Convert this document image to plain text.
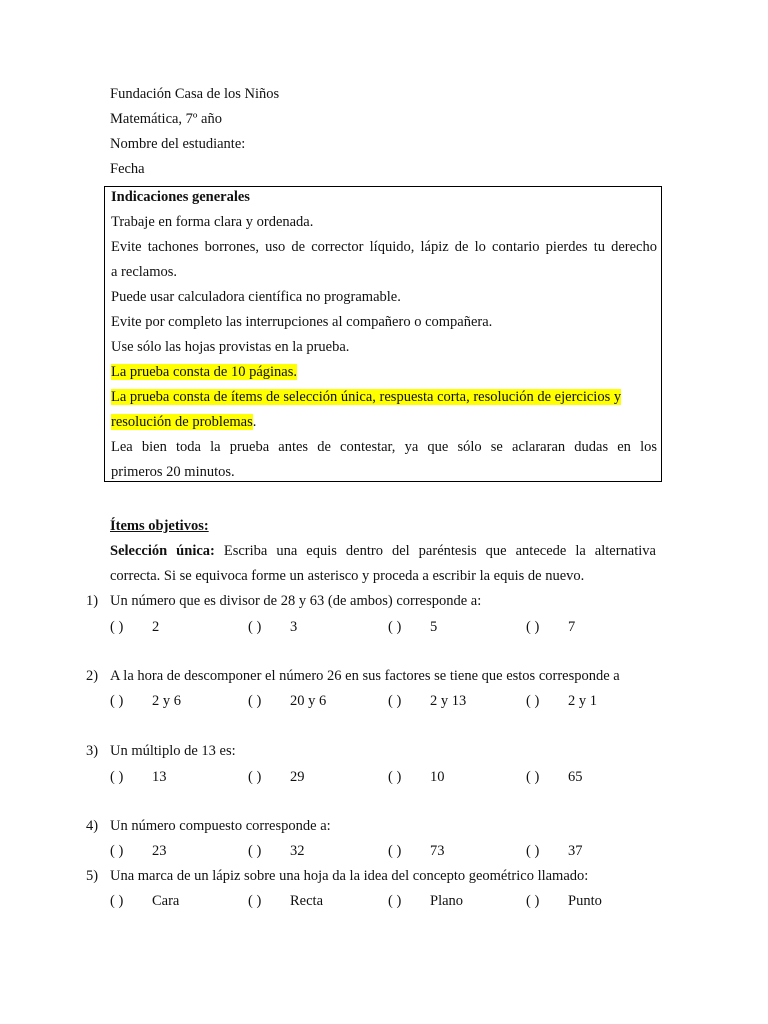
Fundación Casa de los Niños
Matemática, 7º año
Nombre del estudiante:
Fecha
Indicaciones generales
Trabaje en forma clara y ordenada.
Evite tachones borrones, uso de corrector líquido, lápiz de lo contario pierdes tu derecho
a reclamos.
Puede usar calculadora científica no programable.
Evite por completo las interrupciones al compañero o compañera.
Use sólo las hojas provistas en la prueba.
La prueba consta de 10 páginas.
La prueba consta de ítems de selección única, respuesta corta, resolución de ejercicios y
resolución de problemas.
Lea bien toda la prueba antes de contestar, ya que sólo se aclararan dudas en los
primeros 20 minutos.
Ítems objetivos:
Selección única: Escriba una equis dentro del paréntesis que antecede la alternativa
correcta. Si se equivoca forme un asterisco y proceda a escribir la equis de nuevo.
1) Un número que es divisor de 28 y 63 (de ambos) corresponde a:
( ) 2	( ) 3	( ) 5	( ) 7
2) A la hora de descomponer el número 26 en sus factores se tiene que estos corresponde a
( ) 2 y 6	( ) 20 y 6	( ) 2 y 13	( ) 2 y 1
3) Un múltiplo de 13 es:
( ) 13	( ) 29	( ) 10	( ) 65
4) Un número compuesto corresponde a:
( ) 23	( ) 32	( ) 73	( ) 37
5) Una marca de un lápiz sobre una hoja da la idea del concepto geométrico llamado:
( ) Cara	( ) Recta	( ) Plano	( ) Punto
